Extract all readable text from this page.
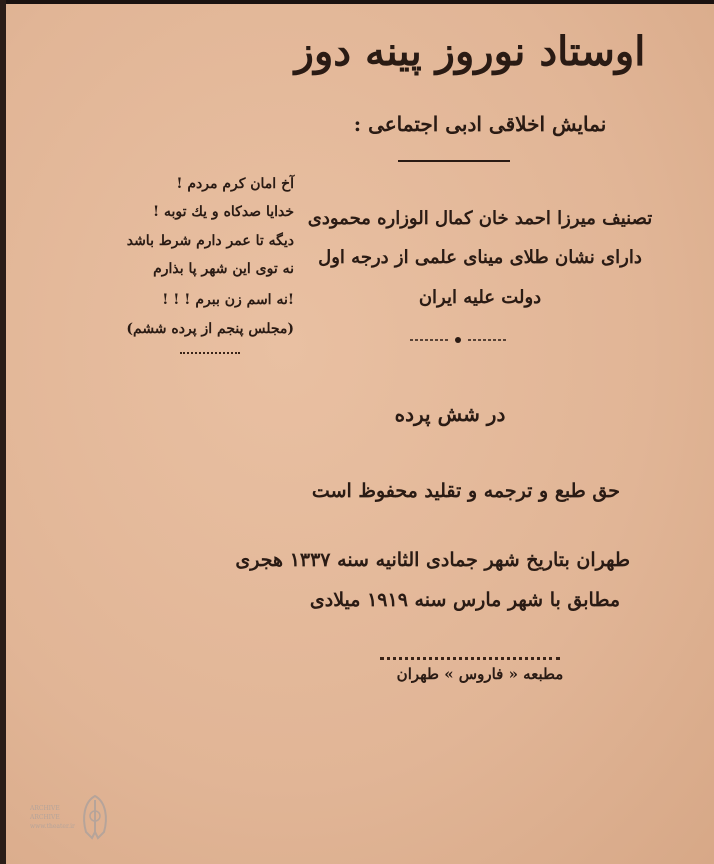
اوستاد نوروز پینه دوز
نمایش اخلاقی ادبی اجتماعی :
آخ امان کرم مردم !
خدایا صدکاه و یك توبه !
دیگه تا عمر دارم شرط باشد
نه توی این شهر پا بذارم
!نه اسم زن ببرم ! ! !
(مجلس پنجم از پرده ششم)
تصنیف میرزا احمد خان کمال الوزاره محمودی
دارای نشان طلای مینای علمی از درجه اول
دولت علیه ایران
در شش پرده
حق طبع و ترجمه و تقلید محفوظ است
طهران بتاریخ شهر جمادی الثانیه سنه ۱۳۳۷ هجری
مطابق با شهر مارس سنه ۱۹۱۹ میلادی
مطبعه « فاروس » طهران
ARCHIVE
ARCHIVE
www.theater.ir
